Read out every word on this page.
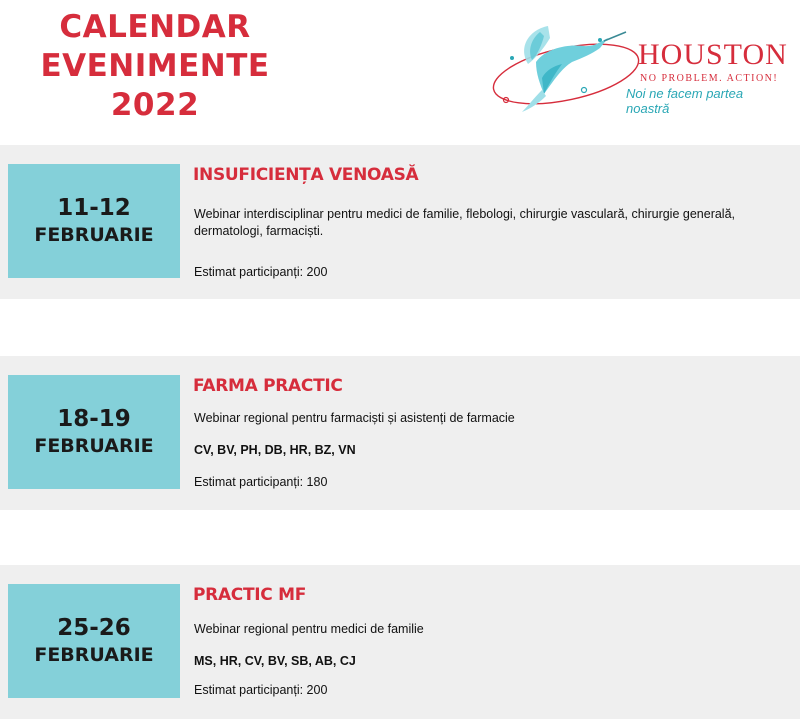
CALENDAR
EVENIMENTE
2022
HOUSTON
NO PROBLEM. ACTION!
Noi ne facem partea noastră
11-12
FEBRUARIE
INSUFICIENȚA VENOASĂ
Webinar interdisciplinar pentru medici de familie, flebologi, chirurgie vasculară, chirurgie generală, dermatologi, farmaciști.
Estimat participanți: 200
18-19
FEBRUARIE
FARMA PRACTIC
Webinar regional pentru farmaciști și asistenți de farmacie
CV, BV, PH, DB, HR, BZ, VN
Estimat participanți: 180
25-26
FEBRUARIE
PRACTIC MF
Webinar regional pentru medici de familie
MS, HR, CV, BV, SB, AB, CJ
Estimat participanți: 200
